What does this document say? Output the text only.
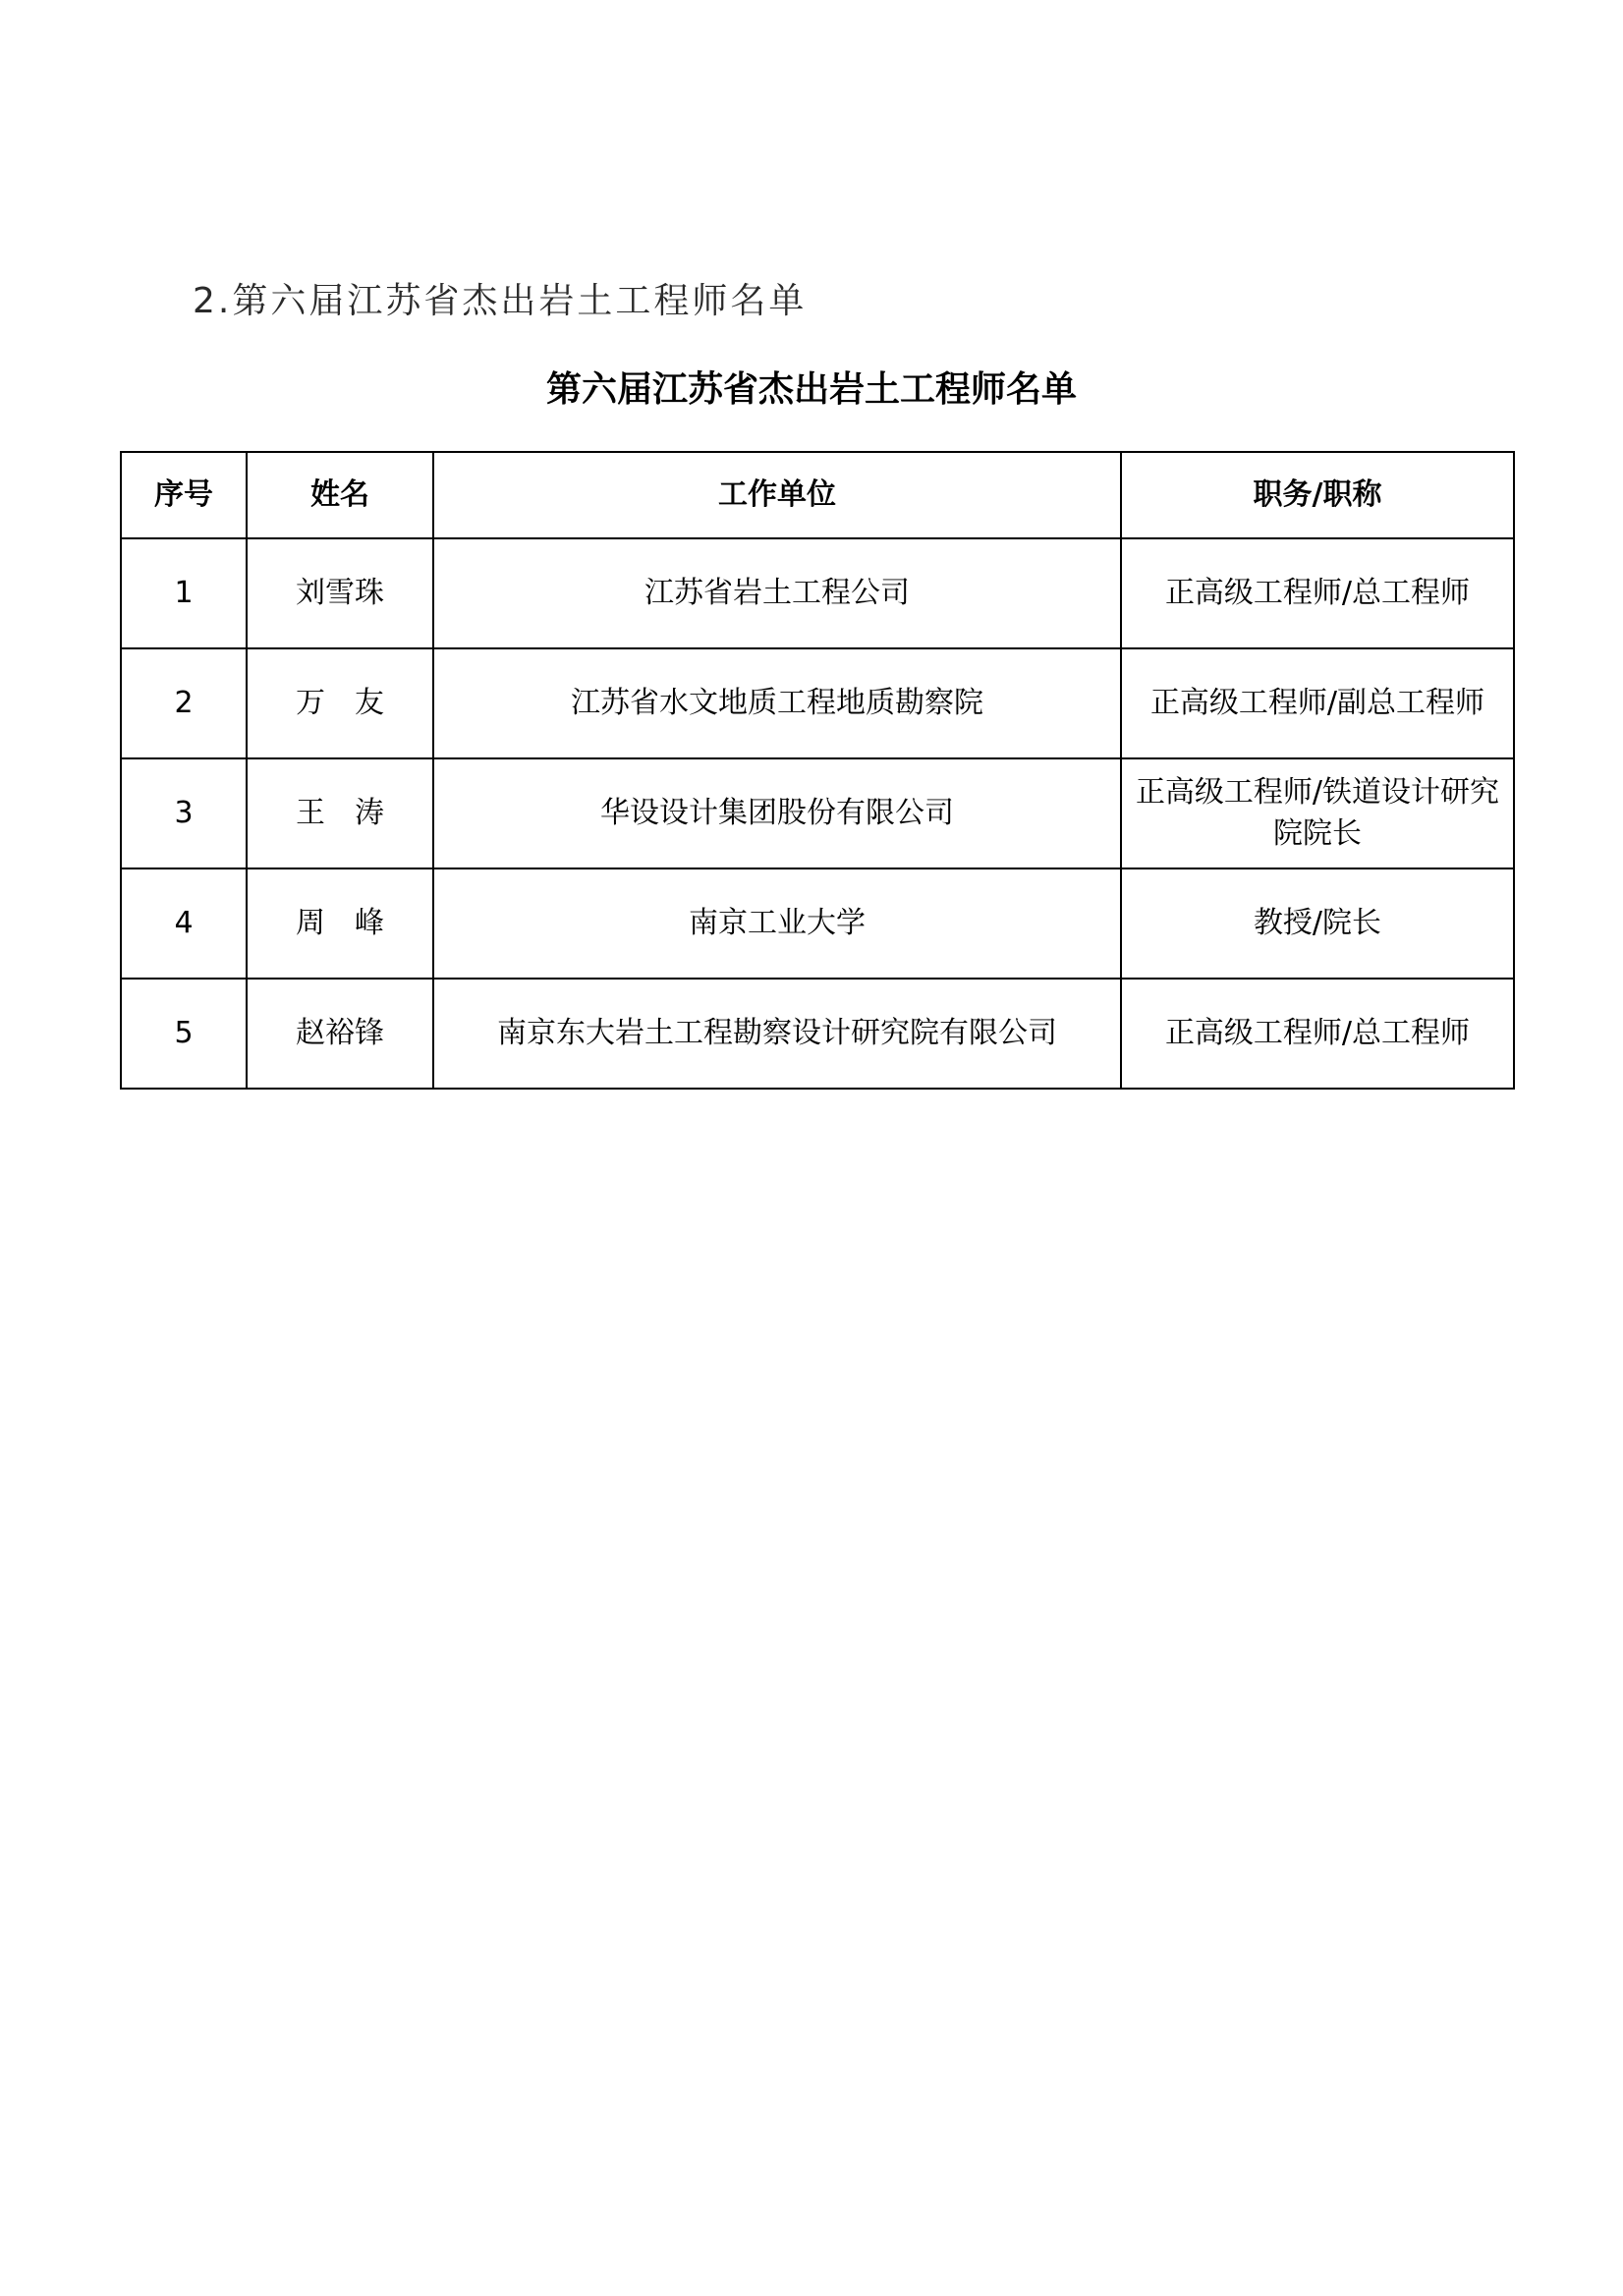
2.第六届江苏省杰出岩土工程师名单
第六届江苏省杰出岩土工程师名单
序号	姓名	工作单位	职务/职称
1	刘雪珠	江苏省岩土工程公司	正高级工程师/总工程师
2	万　友	江苏省水文地质工程地质勘察院	正高级工程师/副总工程师
3	王　涛	华设设计集团股份有限公司	正高级工程师/铁道设计研究院院长
4	周　峰	南京工业大学	教授/院长
5	赵裕锋	南京东大岩土工程勘察设计研究院有限公司	正高级工程师/总工程师
